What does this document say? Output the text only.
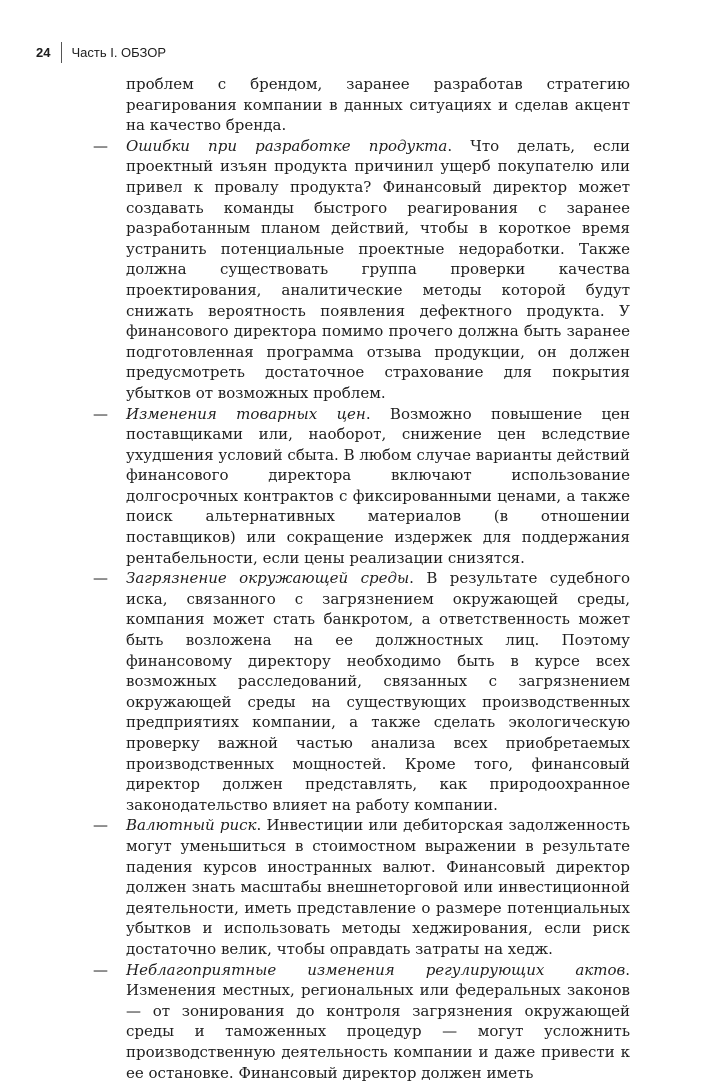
24 Часть I. ОБЗОР

проблем с брендом, заранее разработав стратегию реагирования компании в данных ситуациях и сделав акцент на качество бренда.

— Ошибки при разработке продукта. Что делать, если проектный изъян продукта причинил ущерб покупателю или привел к провалу продукта? Финансовый директор может создавать команды быстрого реагирования с заранее разработанным планом действий, чтобы в короткое время устранить потенциальные проектные недоработки. Также должна существовать группа проверки качества проектирования, аналитические методы которой будут снижать вероятность появления дефектного продукта. У финансового директора помимо прочего должна быть заранее подготовленная программа отзыва продукции, он должен предусмотреть достаточное страхование для покрытия убытков от возможных проблем.

— Изменения товарных цен. Возможно повышение цен поставщиками или, наоборот, снижение цен вследствие ухудшения условий сбыта. В любом случае варианты действий финансового директора включают использование долгосрочных контрактов с фиксированными ценами, а также поиск альтернативных материалов (в отношении поставщиков) или сокращение издержек для поддержания рентабельности, если цены реализации снизятся.

— Загрязнение окружающей среды. В результате судебного иска, связанного с загрязнением окружающей среды, компания может стать банкротом, а ответственность может быть возложена на ее должностных лиц. Поэтому финансовому директору необходимо быть в курсе всех возможных расследований, связанных с загрязнением окружающей среды на существующих производственных предприятиях компании, а также сделать экологическую проверку важной частью анализа всех приобретаемых производственных мощностей. Кроме того, финансовый директор должен представлять, как природоохранное законодательство влияет на работу компании.

— Валютный риск. Инвестиции или дебиторская задолженность могут уменьшиться в стоимостном выражении в результате падения курсов иностранных валют. Финансовый директор должен знать масштабы внешнеторговой или инвестиционной деятельности, иметь представление о размере потенциальных убытков и использовать методы хеджирования, если риск достаточно велик, чтобы оправдать затраты на хедж.

— Неблагоприятные изменения регулирующих актов. Изменения местных, региональных или федеральных законов — от зонирования до контроля загрязнения окружающей среды и таможенных процедур — могут усложнить производственную деятельность компании и даже привести к ее остановке. Финансовый директор должен иметь
